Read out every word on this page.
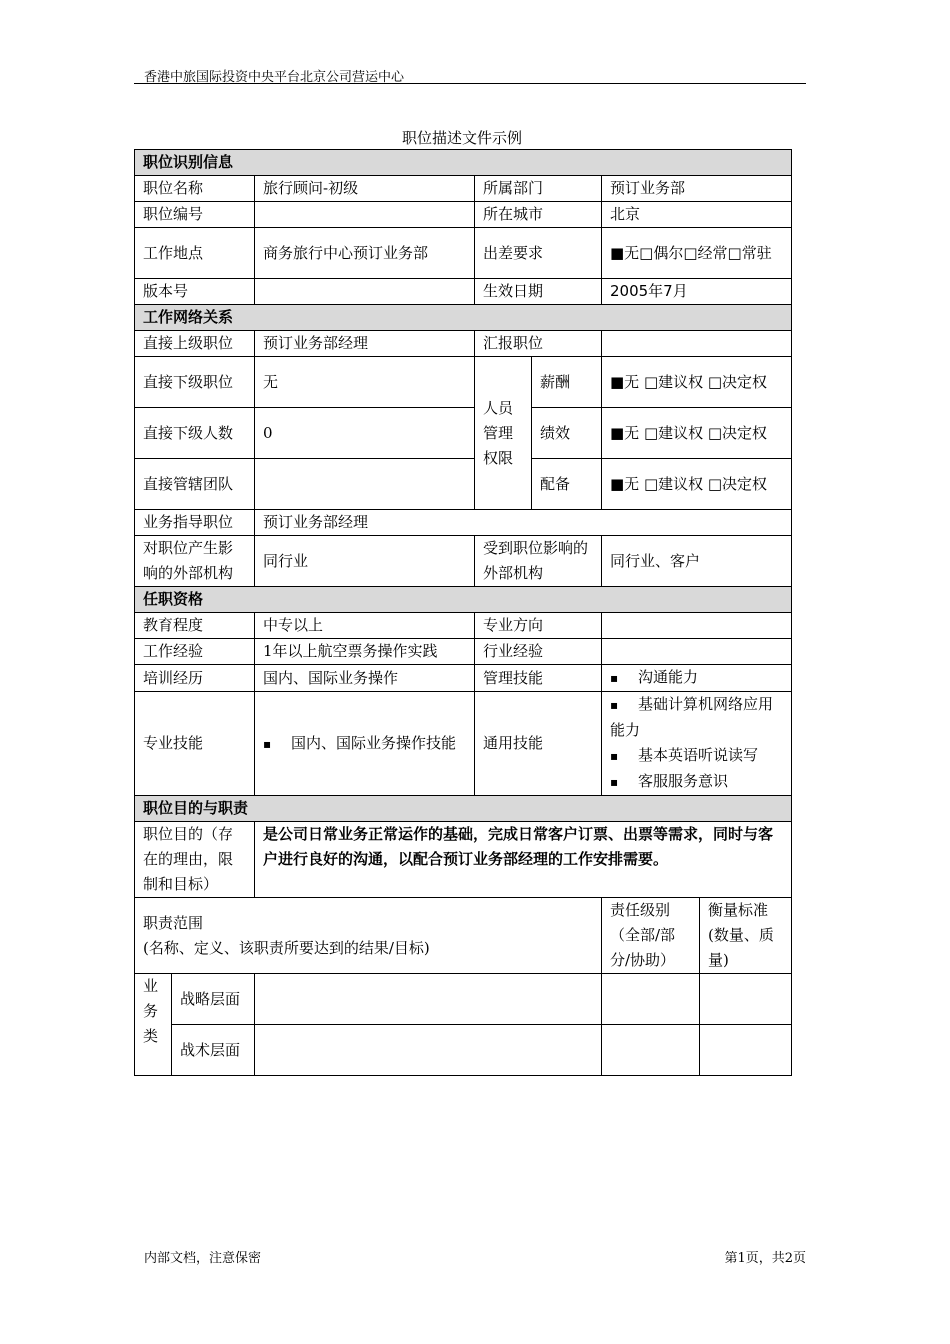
香港中旅国际投资中央平台北京公司营运中心
职位描述文件示例
职位识别信息						
职位名称		旅行顾问-初级	所属部门		预订业务部	
职位编号			所在城市		北京	
工作地点		商务旅行中心预订业务部	出差要求		■无□偶尔□经常□常驻	
版本号			生效日期		2005年7月	
工作网络关系						
直接上级职位		预订业务部经理	汇报职位			
直接下级职位		无	人员管理权限	薪酬	■无 □建议权 □决定权	
直接下级人数		0		绩效	■无 □建议权 □决定权	
直接管辖团队				配备	■无 □建议权 □决定权	
业务指导职位		预订业务部经理				
对职位产生影响的外部机构		同行业	受到职位影响的外部机构		同行业、客户	
任职资格						
教育程度		中专以上	专业方向			
工作经验		1年以上航空票务操作实践	行业经验			
培训经历		国内、国际业务操作	管理技能		▪ 沟通能力
专业技能		▪ 国内、国际业务操作技能	通用技能		▪ 基础计算机网络应用能力
▪ 基本英语听说读写
▪ 客服服务意识

职位目的与职责						
职位目的（存在的理由，限制和目标）		是公司日常业务正常运作的基础，完成日常客户订票、出票等需求，同时与客户进行良好的沟通，以配合预订业务部经理的工作安排需要。				

职责范围
(名称、定义、该职责所要达到的结果/目标)					责任级别（全部/部分/协助）	衡量标准(数量、质量)
业务类	战略层面					
	战术层面					
内部文档，注意保密	第1页，共2页
